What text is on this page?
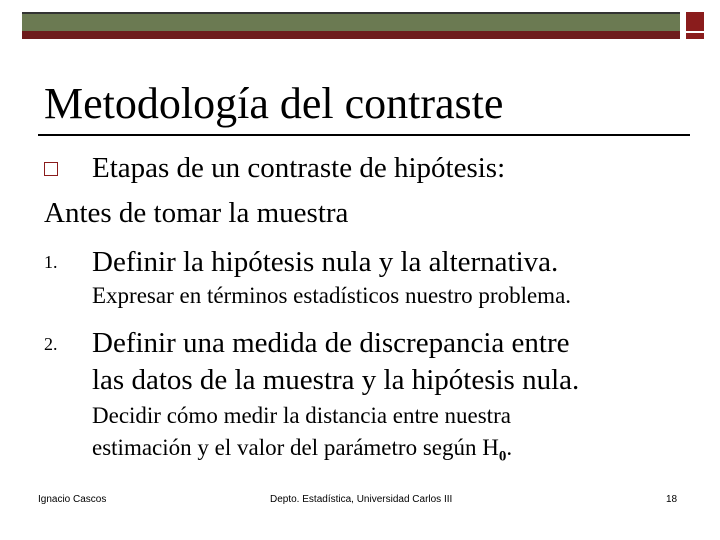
Metodología del contraste
Etapas de un contraste de hipótesis:
Antes de tomar la muestra
1. Definir la hipótesis nula y la alternativa.
Expresar en términos estadísticos nuestro problema.
2. Definir una medida de discrepancia entre
las datos de la muestra y la hipótesis nula.
Decidir cómo medir la distancia entre nuestra
estimación y el valor del parámetro según $H_0$.
Ignacio Cascos	Depto. Estadística, Universidad Carlos III	18
